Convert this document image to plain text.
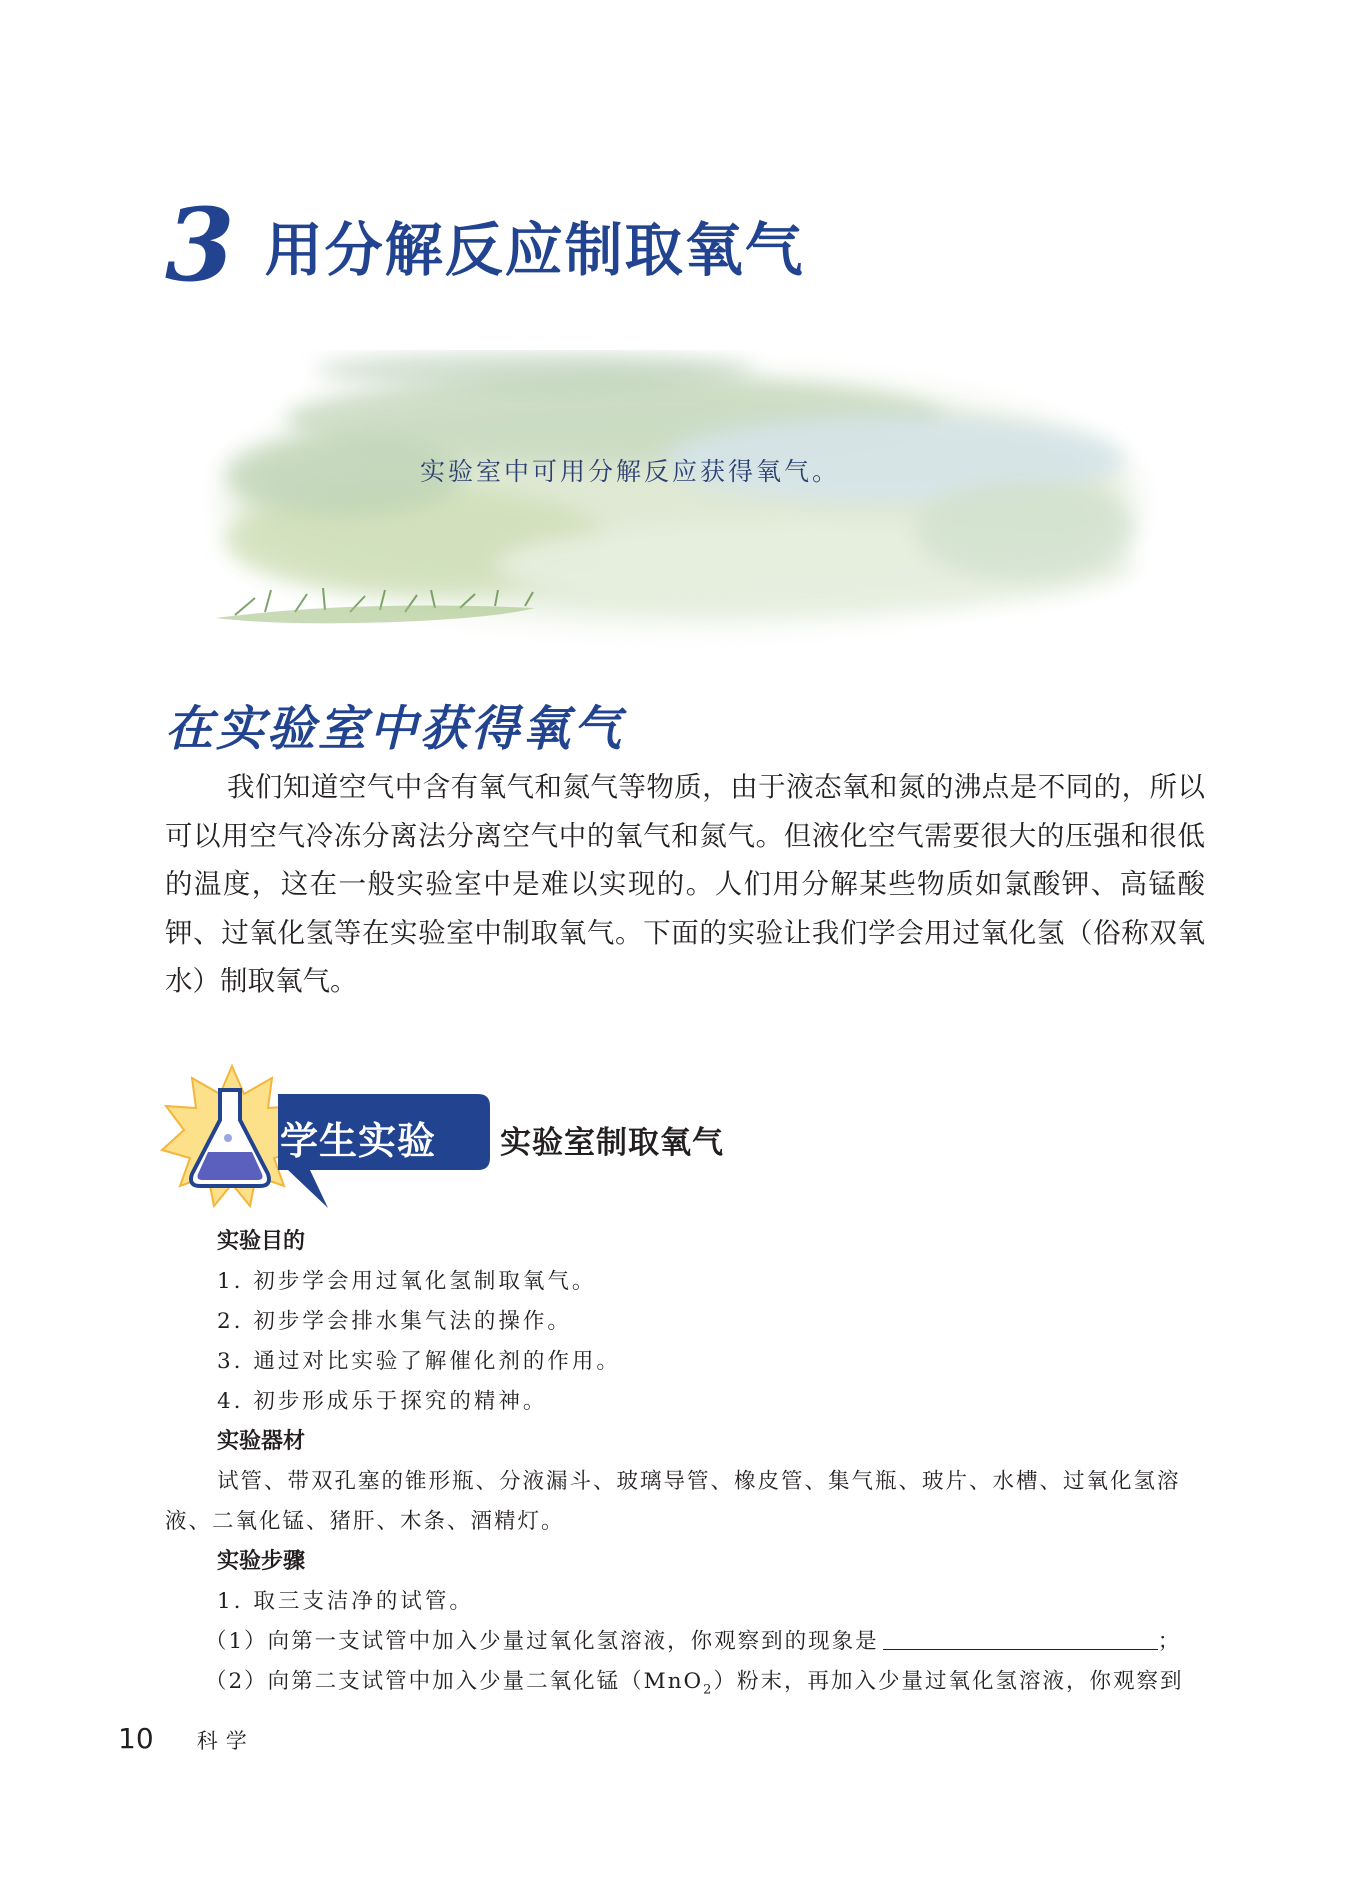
3 用分解反应制取氧气
实验室中可用分解反应获得氧气。
在实验室中获得氧气

我们知道空气中含有氧气和氮气等物质，由于液态氧和氮的沸点是不同的，所以可以用空气冷冻分离法分离空气中的氧气和氮气。但液化空气需要很大的压强和很低的温度，这在一般实验室中是难以实现的。人们用分解某些物质如氯酸钾、高锰酸钾、过氧化氢等在实验室中制取氧气。下面的实验让我们学会用过氧化氢（俗称双氧水）制取氧气。

学生实验 实验室制取氧气
实验目的
1. 初步学会用过氧化氢制取氧气。
2. 初步学会排水集气法的操作。
3. 通过对比实验了解催化剂的作用。
4. 初步形成乐于探究的精神。
实验器材

试管、带双孔塞的锥形瓶、分液漏斗、玻璃导管、橡皮管、集气瓶、玻片、水槽、过氧化氢溶液、二氧化锰、猪肝、木条、酒精灯。

实验步骤
1. 取三支洁净的试管。
（1）向第一支试管中加入少量过氧化氢溶液，你观察到的现象是	；
（2）向第二支试管中加入少量二氧化锰（MnO$_2$）粉末，再加入少量过氧化氢溶液，你观察到
10 科学
